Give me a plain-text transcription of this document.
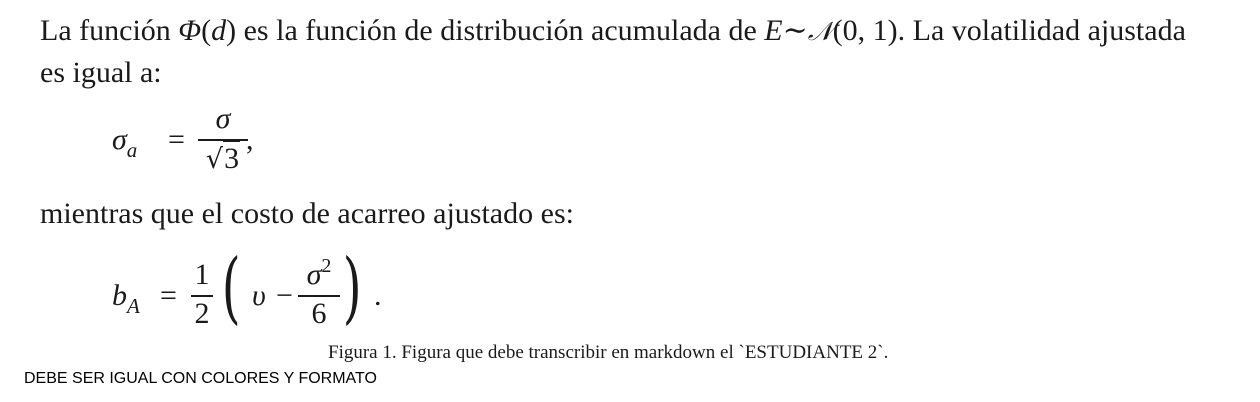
La función Φ(d) es la función de distribución acumulada de E∼𝒩(0, 1). La volatilidad ajustada
es igual a:
$\sigma_a$ =
σ
√3
,
mientras que el costo de acarreo ajustado es:
$b_A$ =
1
2 ( υ −
$\sigma^2$
6 ) .
Figura 1. Figura que debe transcribir en markdown el `ESTUDIANTE 2`.
DEBE SER IGUAL CON COLORES Y FORMATO
